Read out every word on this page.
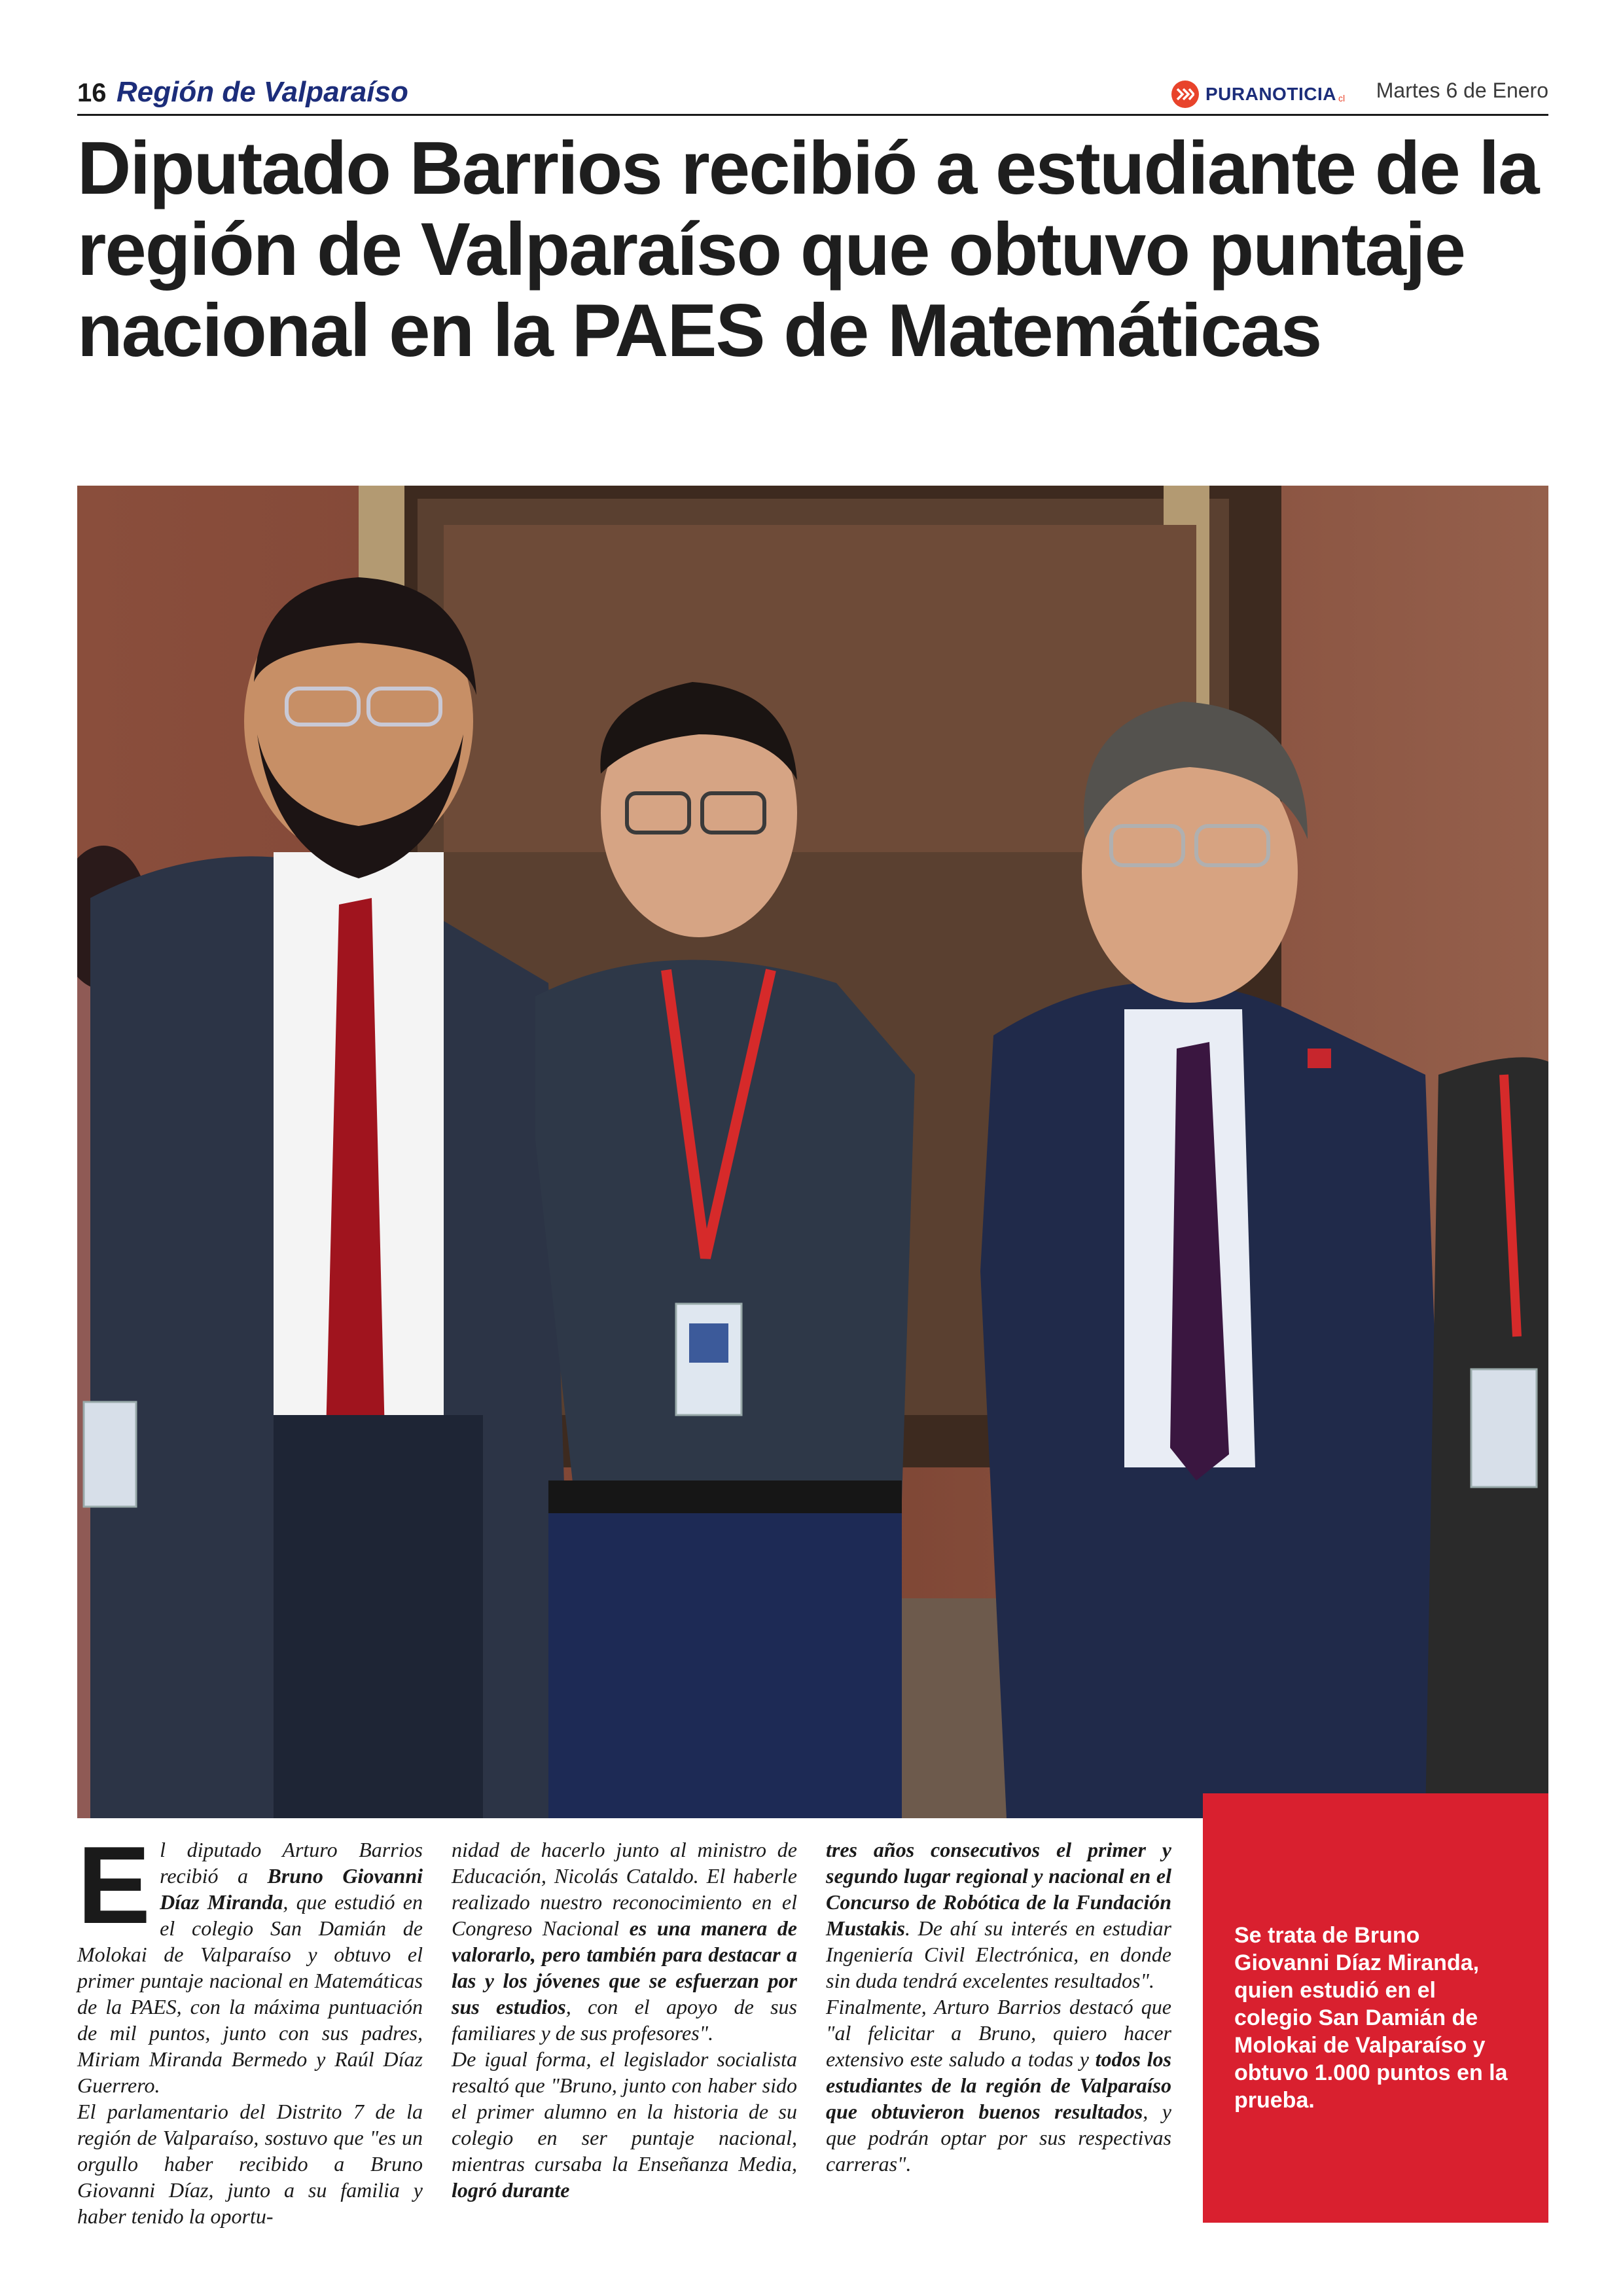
16 Región de Valparaíso	PURANOTICIA cl Martes 6 de Enero
Diputado Barrios recibió a estudiante de la región de Valparaíso que obtuvo puntaje nacional en la PAES de Matemáticas
E l diputado Arturo Barrios recibió a Bruno Giovanni Díaz Miranda, que estudió en el colegio San Damián de Molokai de Valparaíso y obtuvo el primer puntaje nacional en Matemáticas de la PAES, con la máxima puntuación de mil puntos, junto con sus padres, Miriam Miranda Bermedo y Raúl Díaz Guerrero.
El parlamentario del Distrito 7 de la región de Valparaíso, sostuvo que "es un orgullo haber recibido a Bruno Giovanni Díaz, junto a su familia y haber tenido la oportu-

nidad de hacerlo junto al ministro de Educación, Nicolás Cataldo. El haberle realizado nuestro reconocimiento en el Congreso Nacional es una manera de valorarlo, pero también para destacar a las y los jóvenes que se esfuerzan por sus estudios, con el apoyo de sus familiares y de sus profesores".
De igual forma, el legislador socialista resaltó que "Bruno, junto con haber sido el primer alumno en la historia de su colegio en ser puntaje nacional, mientras cursaba la Enseñanza Media, logró durante

tres años consecutivos el primer y segundo lugar regional y nacional en el Concurso de Robótica de la Fundación Mustakis. De ahí su interés en estudiar Ingeniería Civil Electrónica, en donde sin duda tendrá excelentes resultados".
Finalmente, Arturo Barrios destacó que "al felicitar a Bruno, quiero hacer extensivo este saludo a todas y todos los estudiantes de la región de Valparaíso que obtuvieron buenos resultados, y que podrán optar por sus respectivas carreras".

Se trata de Bruno Giovanni Díaz Miranda, quien estudió en el colegio San Damián de Molokai de Valparaíso y obtuvo 1.000 puntos en la prueba.
